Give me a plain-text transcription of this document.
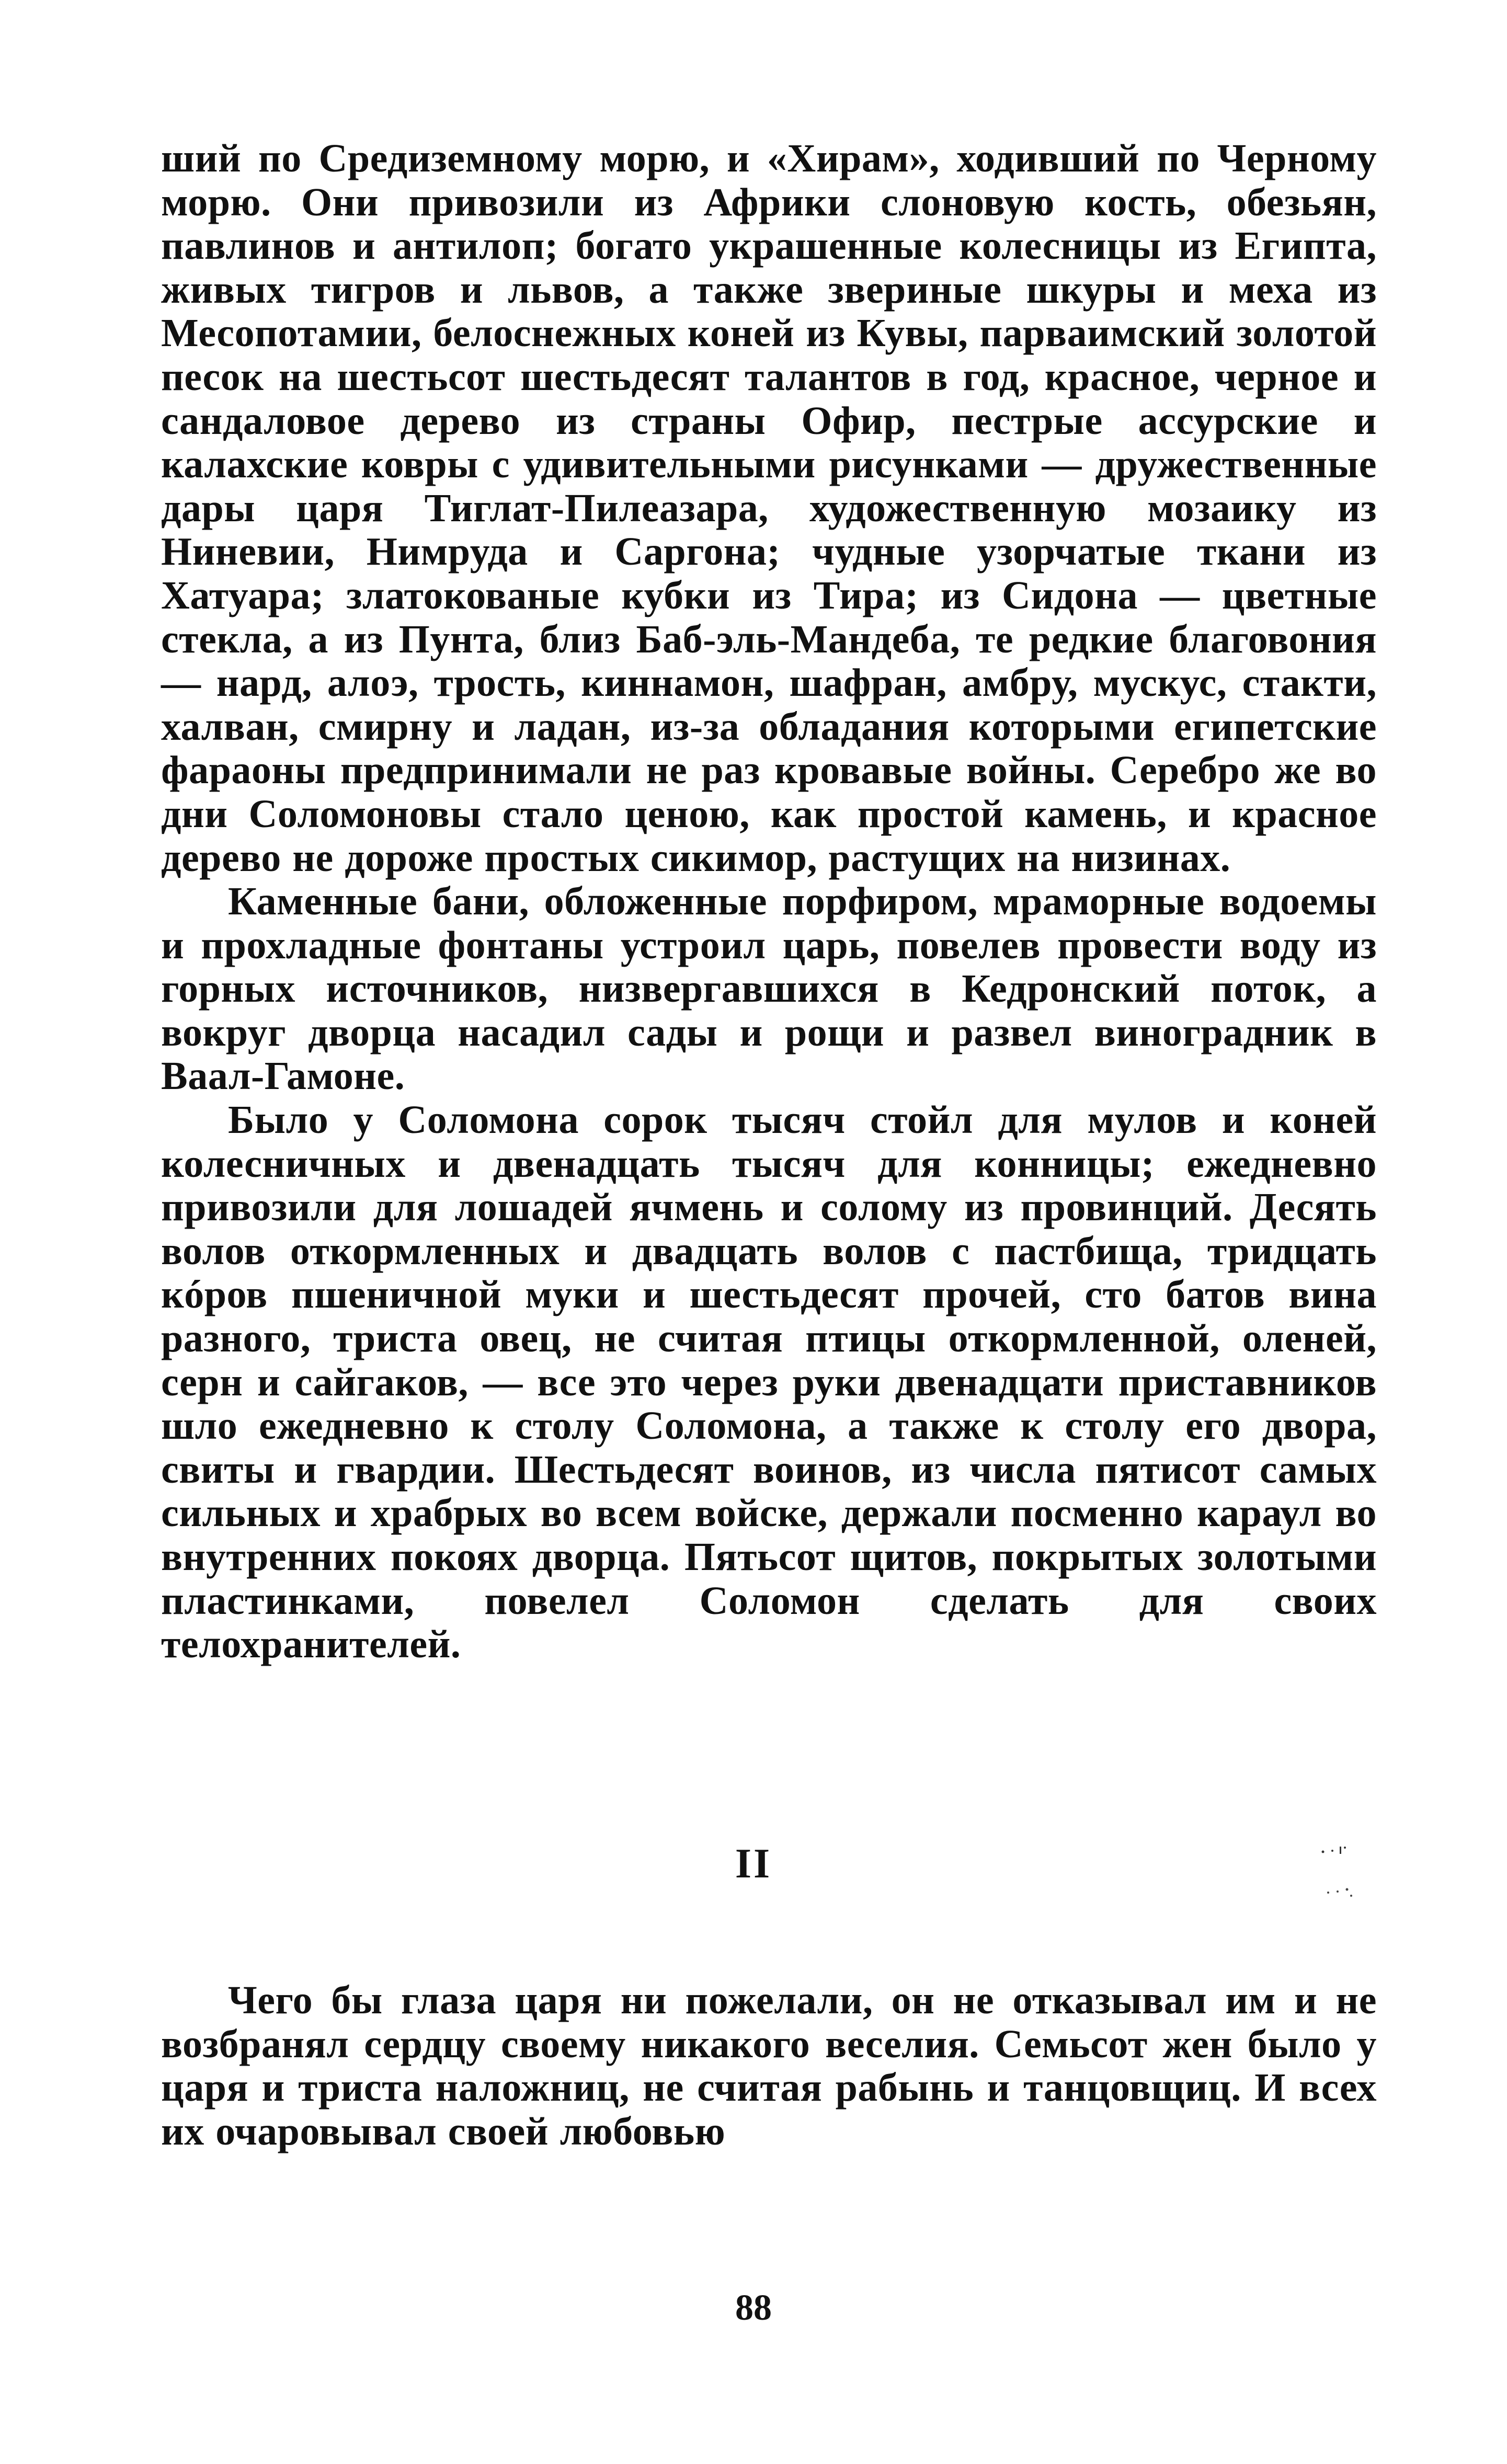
ший по Средиземному морю, и «Хирам», ходивший по Черному морю. Они привозили из Африки слоновую кость, обезьян, павлинов и антилоп; богато украшенные колесницы из Египта, живых тигров и львов, а также звериные шкуры и меха из Месопотамии, белоснежных коней из Кувы, парваимский золотой песок на шестьсот шестьдесят талантов в год, красное, черное и сандаловое дерево из страны Офир, пестрые ассурские и калахские ковры с удивительными рисунками — дружественные дары царя Тиглат-Пилеазара, художественную мозаику из Ниневии, Нимруда и Саргона; чудные узорчатые ткани из Хатуара; златокованые кубки из Тира; из Сидона — цветные стекла, а из Пунта, близ Баб-эль-Мандеба, те редкие благовония — нард, алоэ, трость, киннамон, шафран, амбру, мускус, стакти, халван, смирну и ладан, из-за обладания которыми египетские фараоны предпринимали не раз кровавые войны. Серебро же во дни Соломоновы стало ценою, как простой камень, и красное дерево не дороже простых сикимор, растущих на низинах.

Каменные бани, обложенные порфиром, мраморные водоемы и прохладные фонтаны устроил царь, повелев провести воду из горных источников, низвергавшихся в Кедронский поток, а вокруг дворца насадил сады и рощи и развел виноградник в Ваал-Гамоне.

Было у Соломона сорок тысяч стойл для мулов и коней колесничных и двенадцать тысяч для конницы; ежедневно привозили для лошадей ячмень и солому из провинций. Десять волов откормленных и двадцать волов с пастбища, тридцать кóров пшеничной муки и шестьдесят прочей, сто батов вина разного, триста овец, не считая птицы откормленной, оленей, серн и сайгаков, — все это через руки двенадцати приставников шло ежедневно к столу Соломона, а также к столу его двора, свиты и гвардии. Шестьдесят воинов, из числа пятисот самых сильных и храбрых во всем войске, держали посменно караул во внутренних покоях дворца. Пятьсот щитов, покрытых золотыми пластинками, повелел Соломон сделать для своих телохранителей.

II

Чего бы глаза царя ни пожелали, он не отказывал им и не возбранял сердцу своему никакого веселия. Семьсот жен было у царя и триста наложниц, не считая рабынь и танцовщиц. И всех их очаровывал своей любовью

88
